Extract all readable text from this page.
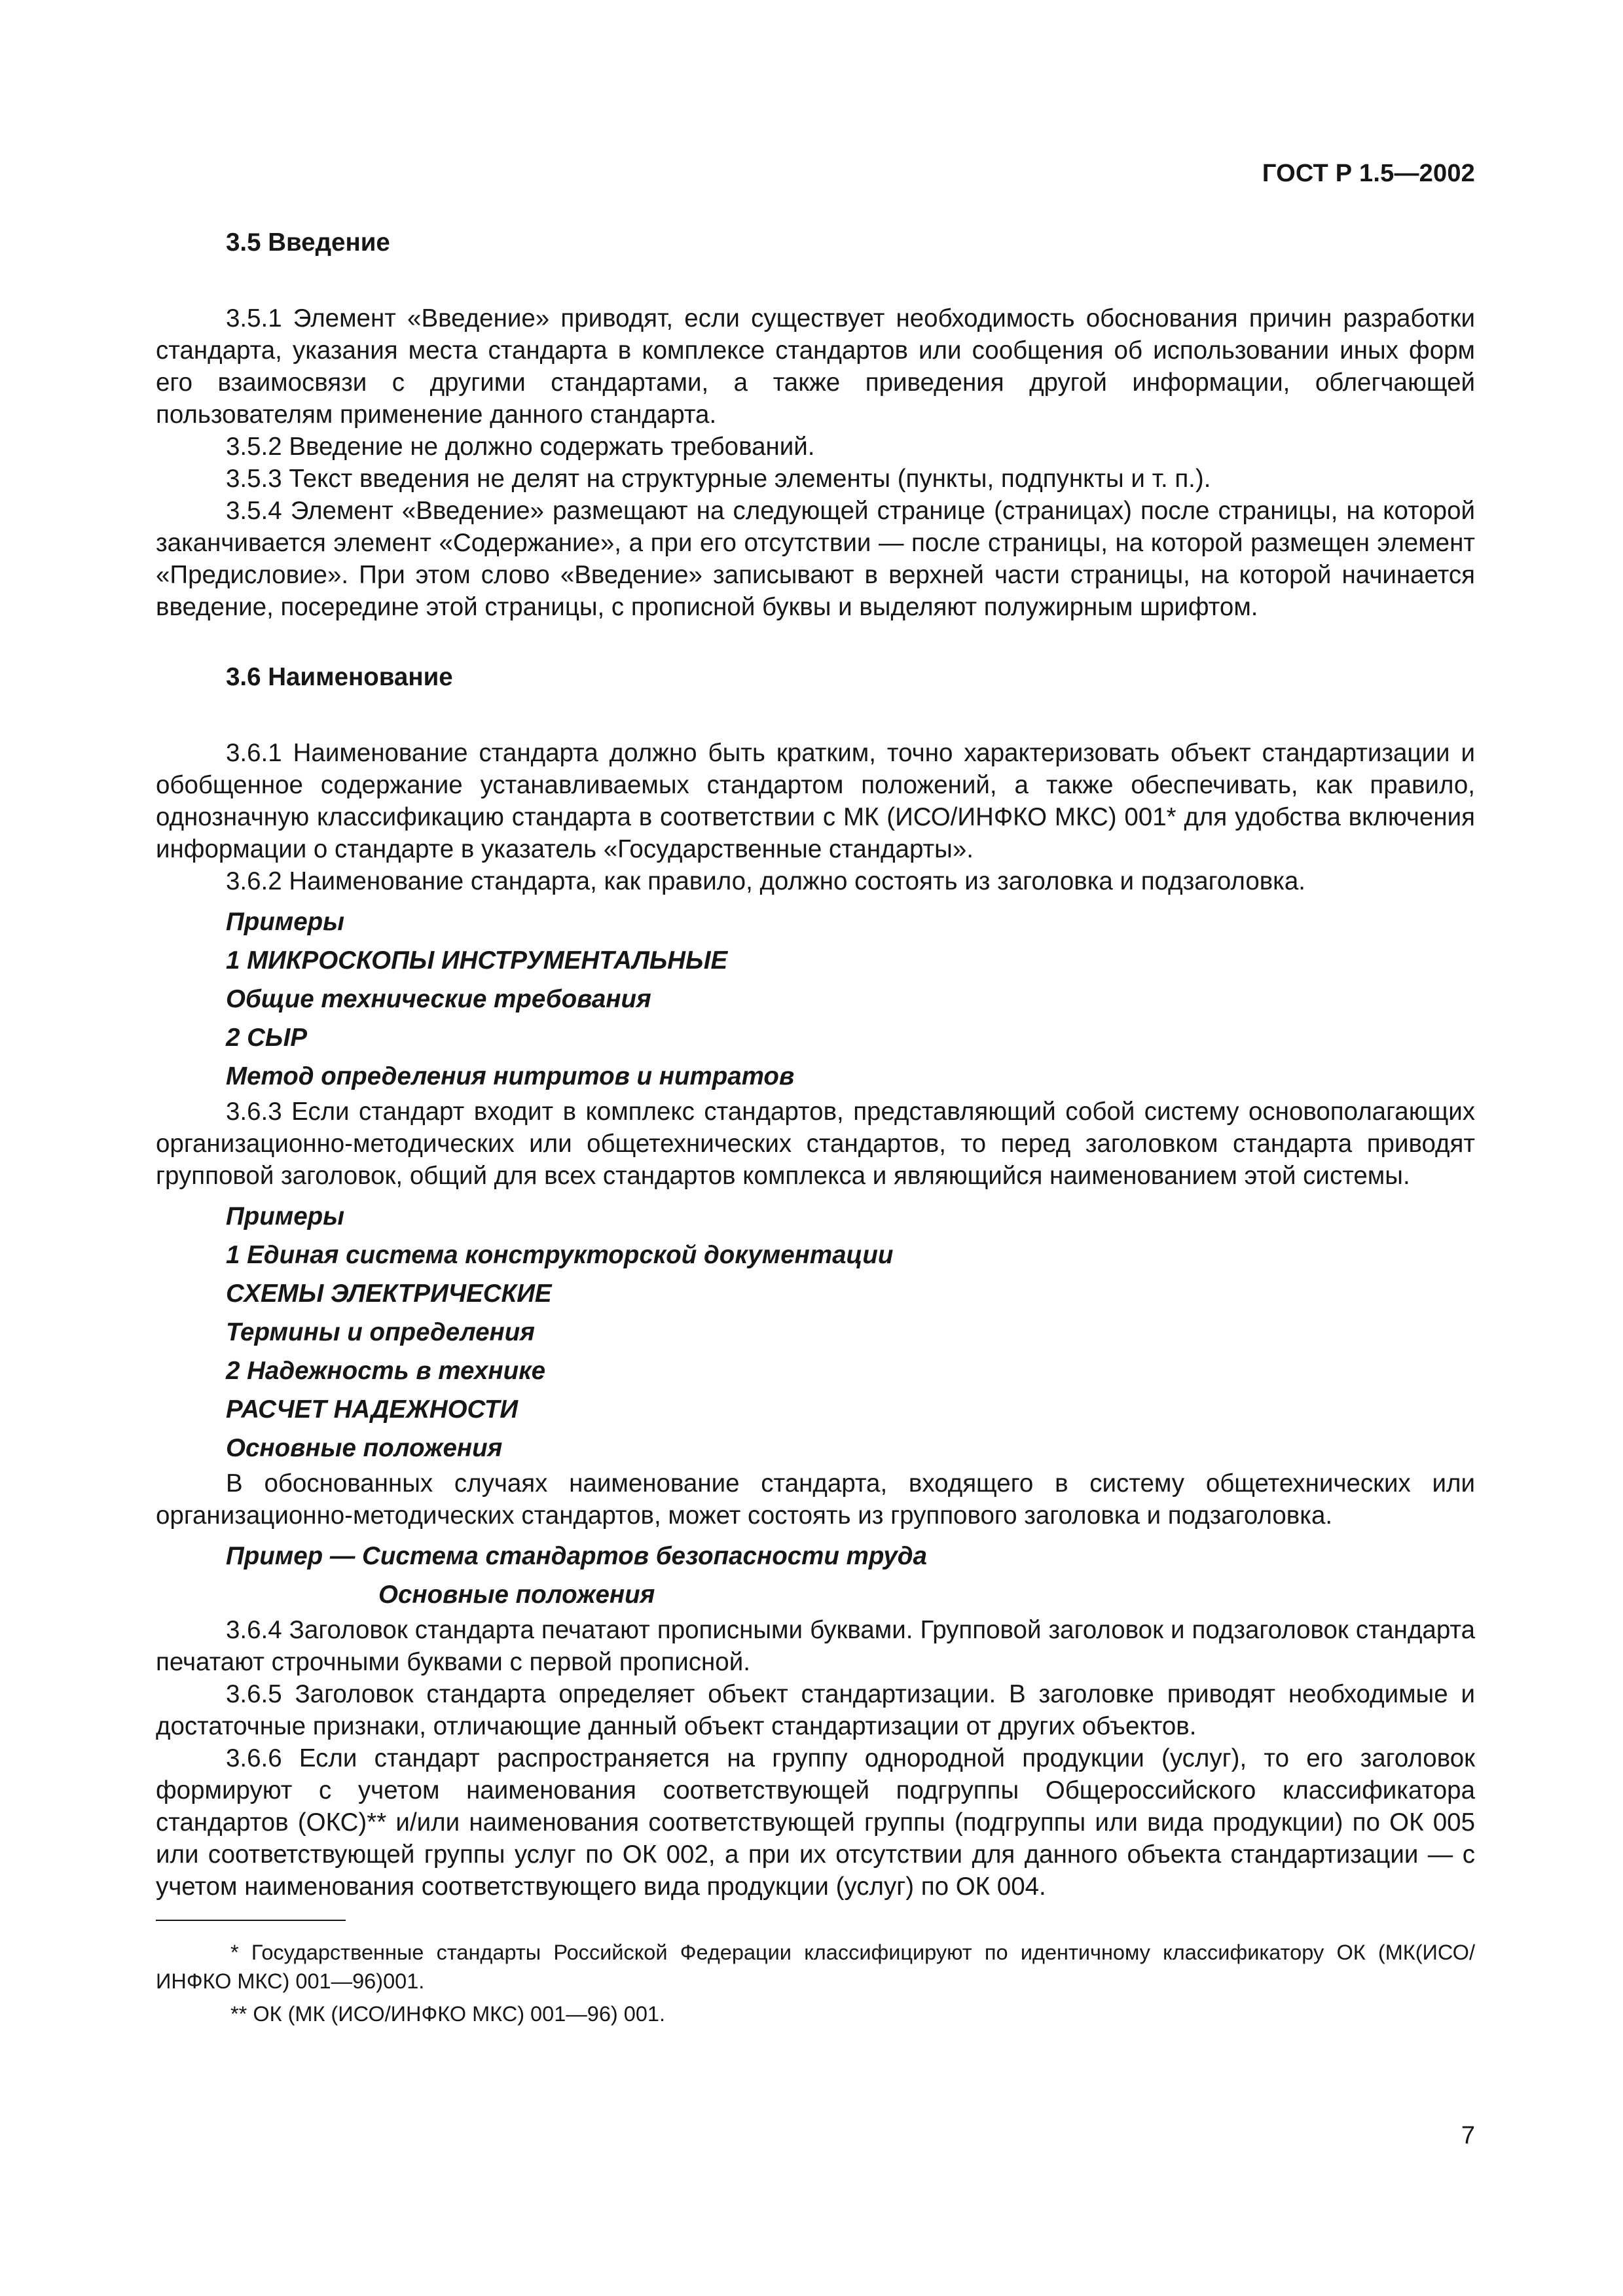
ГОСТ Р 1.5—2002
3.5 Введение

3.5.1 Элемент «Введение» приводят, если существует необходимость обоснования причин разработки стандарта, указания места стандарта в комплексе стандартов или сообщения об использовании иных форм его взаимосвязи с другими стандартами, а также приведения другой информации, облегчающей пользователям применение данного стандарта.

3.5.2 Введение не должно содержать требований.

3.5.3 Текст введения не делят на структурные элементы (пункты, подпункты и т. п.).

3.5.4 Элемент «Введение» размещают на следующей странице (страницах) после страницы, на которой заканчивается элемент «Содержание», а при его отсутствии — после страницы, на которой размещен элемент «Предисловие». При этом слово «Введение» записывают в верхней части страницы, на которой начинается введение, посередине этой страницы, с прописной буквы и выделяют полужирным шрифтом.

3.6 Наименование

3.6.1 Наименование стандарта должно быть кратким, точно характеризовать объект стандартизации и обобщенное содержание устанавливаемых стандартом положений, а также обеспечивать, как правило, однозначную классификацию стандарта в соответствии с МК (ИСО/ИНФКО МКС) 001* для удобства включения информации о стандарте в указатель «Государственные стандарты».

3.6.2 Наименование стандарта, как правило, должно состоять из заголовка и подзаголовка.

Примеры
1 МИКРОСКОПЫ ИНСТРУМЕНТАЛЬНЫЕ
Общие технические требования
2 СЫР
Метод определения нитритов и нитратов

3.6.3 Если стандарт входит в комплекс стандартов, представляющий собой систему основополагающих организационно-методических или общетехнических стандартов, то перед заголовком стандарта приводят групповой заголовок, общий для всех стандартов комплекса и являющийся наименованием этой системы.

Примеры
1 Единая система конструкторской документации
СХЕМЫ ЭЛЕКТРИЧЕСКИЕ
Термины и определения
2 Надежность в технике
РАСЧЕТ НАДЕЖНОСТИ
Основные положения

В обоснованных случаях наименование стандарта, входящего в систему общетехнических или организационно-методических стандартов, может состоять из группового заголовка и подзаголовка.

Пример — Система стандартов безопасности труда
Основные положения

3.6.4 Заголовок стандарта печатают прописными буквами. Групповой заголовок и подзаголовок стандарта печатают строчными буквами с первой прописной.

3.6.5 Заголовок стандарта определяет объект стандартизации. В заголовке приводят необходимые и достаточные признаки, отличающие данный объект стандартизации от других объектов.

3.6.6 Если стандарт распространяется на группу однородной продукции (услуг), то его заголовок формируют с учетом наименования соответствующей подгруппы Общероссийского классификатора стандартов (ОКС)** и/или наименования соответствующей группы (подгруппы или вида продукции) по ОК 005 или соответствующей группы услуг по ОК 002, а при их отсутствии для данного объекта стандартизации — с учетом наименования соответствующего вида продукции (услуг) по ОК 004.

* Государственные стандарты Российской Федерации классифицируют по идентичному классификатору ОК (МК(ИСО/ИНФКО МКС) 001—96)001.

** ОК (МК (ИСО/ИНФКО МКС) 001—96) 001.

7
